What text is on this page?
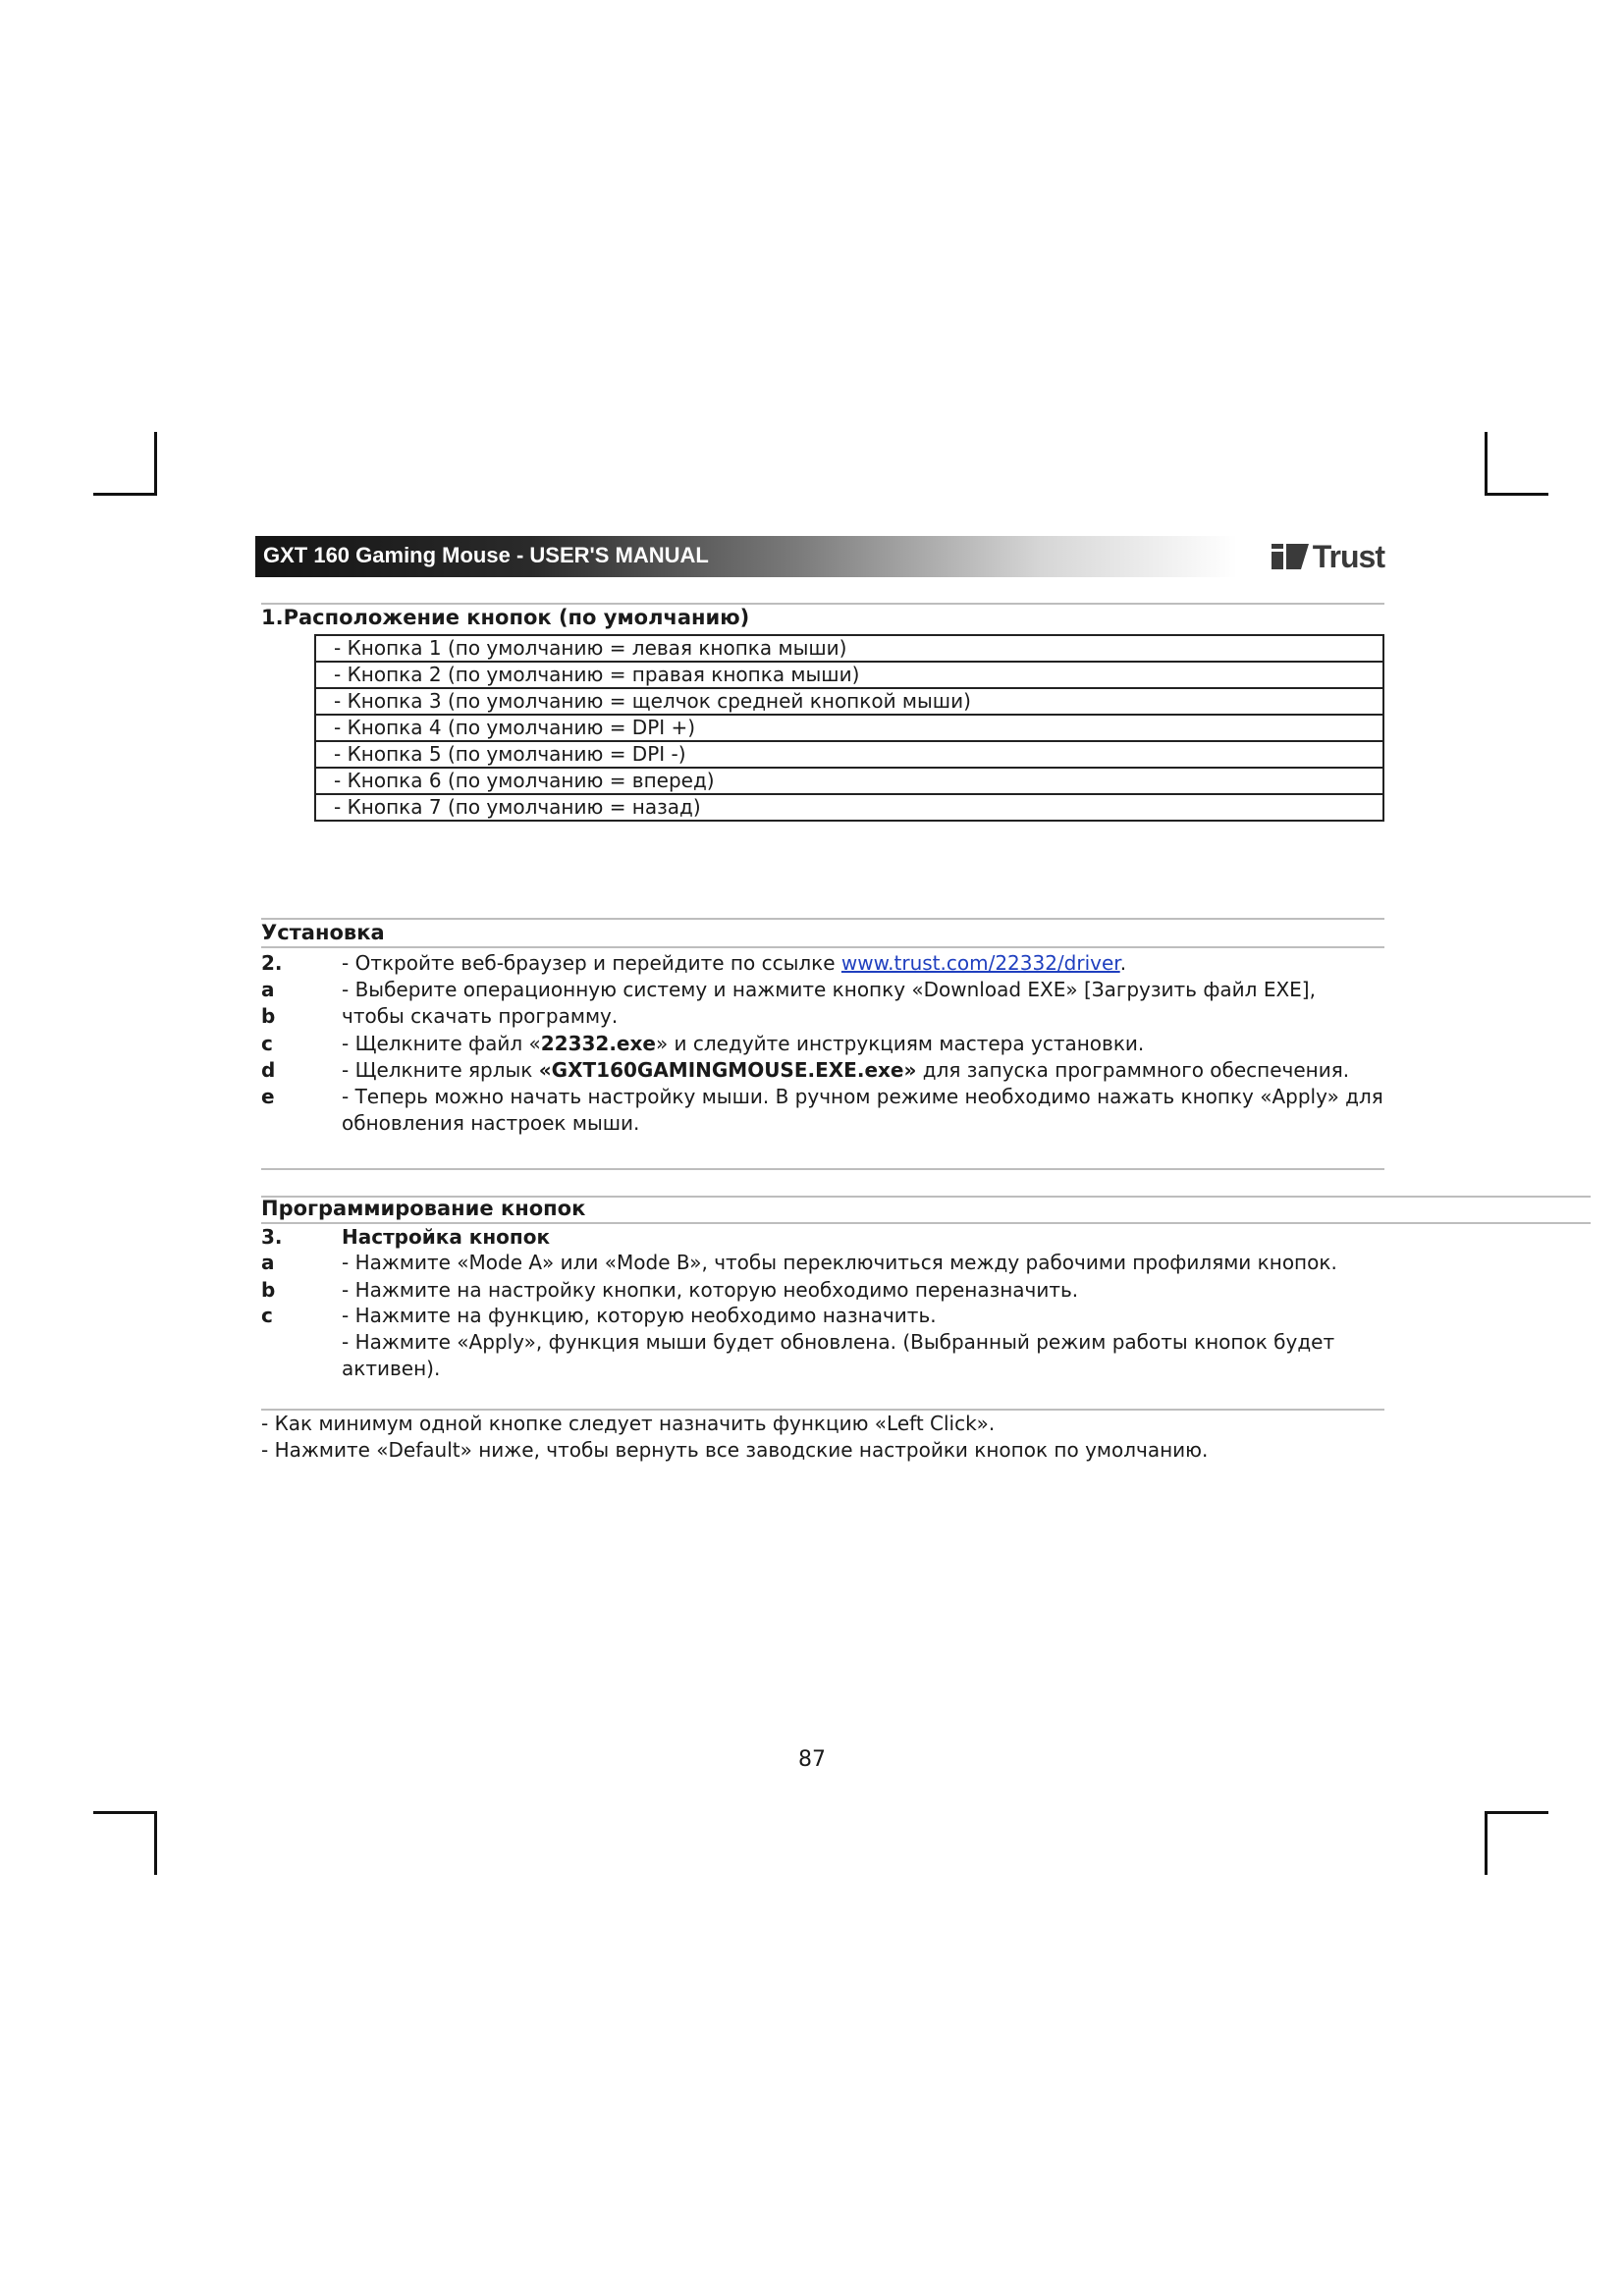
GXT 160 Gaming Mouse - USER'S MANUAL	Trust
1.Расположение кнопок (по умолчанию)
- Кнопка 1 (по умолчанию = левая кнопка мыши)
- Кнопка 2 (по умолчанию = правая кнопка мыши)
- Кнопка 3 (по умолчанию = щелчок средней кнопкой мыши)
- Кнопка 4 (по умолчанию = DPI +)
- Кнопка 5 (по умолчанию = DPI -)
- Кнопка 6 (по умолчанию = вперед)
- Кнопка 7 (по умолчанию = назад)
Установка
2.	- Откройте веб-браузер и перейдите по ссылке www.trust.com/22332/driver.
a	- Выберите операционную систему и нажмите кнопку «Download EXE» [Загрузить файл EXE],
b	чтобы скачать программу.
c	- Щелкните файл «22332.exe» и следуйте инструкциям мастера установки.
d	- Щелкните ярлык «GXT160GAMINGMOUSE.EXE.exe» для запуска программного обеспечения.
e	- Теперь можно начать настройку мыши. В ручном режиме необходимо нажать кнопку «Apply» для
обновления настроек мыши.
Программирование кнопок
3.	Настройка кнопок
a	- Нажмите «Mode A» или «Mode B», чтобы переключиться между рабочими профилями кнопок.
b	- Нажмите на настройку кнопки, которую необходимо переназначить.
c	- Нажмите на функцию, которую необходимо назначить.
- Нажмите «Apply», функция мыши будет обновлена. (Выбранный режим работы кнопок будет
активен).
- Как минимум одной кнопке следует назначить функцию «Left Click».
- Нажмите «Default» ниже, чтобы вернуть все заводские настройки кнопок по умолчанию.
87
